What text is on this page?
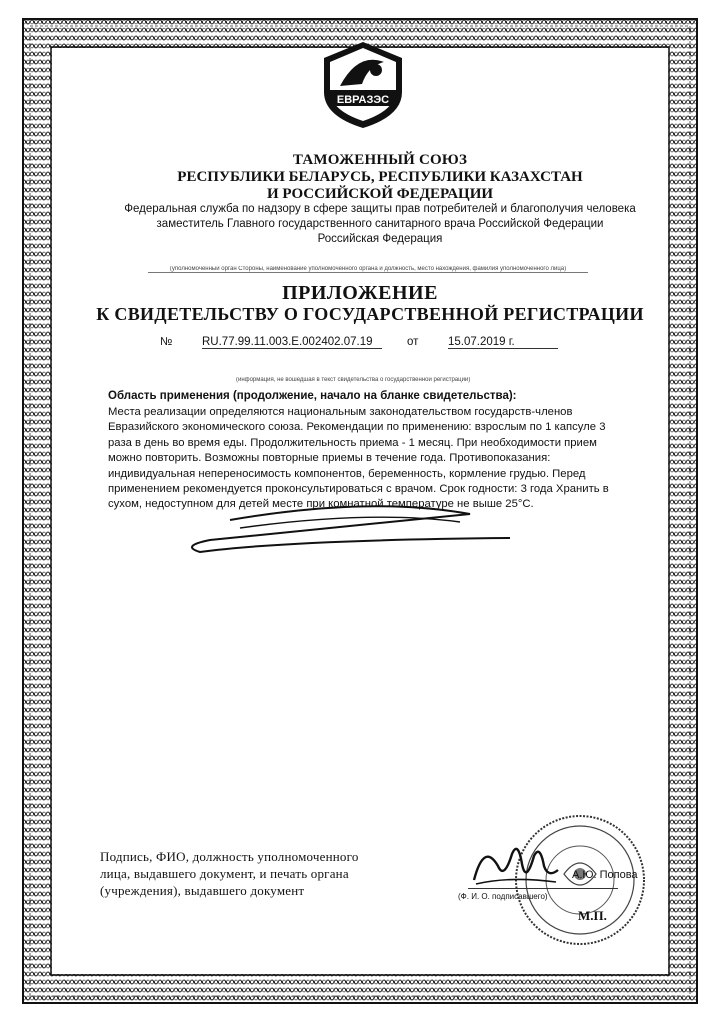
ЕВРАЗЭС
ТАМОЖЕННЫЙ СОЮЗ
РЕСПУБЛИКИ БЕЛАРУСЬ, РЕСПУБЛИКИ КАЗАХСТАН
И РОССИЙСКОЙ ФЕДЕРАЦИИ
Федеральная служба по надзору в сфере защиты прав потребителей и благополучия человека
заместитель Главного государственного санитарного врача Российской Федерации
Российская Федерация
(уполномоченный орган Стороны, наименование уполномоченного органа и должность, место нахождения, фамилия уполномоченного лица)
ПРИЛОЖЕНИЕ
К СВИДЕТЕЛЬСТВУ О ГОСУДАРСТВЕННОЙ РЕГИСТРАЦИИ
№	RU.77.99.11.003.E.002402.07.19	от	15.07.2019 г.
(информация, не вошедшая в текст свидетельства о государственной регистрации)
Область применения (продолжение, начало на бланке свидетельства):
Места реализации определяются национальным законодательством государств-членов
Евразийского экономического союза. Рекомендации по применению: взрослым по 1 капсуле 3
раза в день во время еды. Продолжительность приема - 1 месяц. При необходимости прием
можно повторить. Возможны повторные приемы в течение года. Противопоказания:
индивидуальная непереносимость компонентов, беременность, кормление грудью. Перед
применением рекомендуется проконсультироваться с врачом. Срок годности: 3 года Хранить в
сухом, недоступном для детей месте при комнатной температуре не выше 25°С.
Подпись, ФИО, должность уполномоченного
лица, выдавшего документ, и печать органа
(учреждения), выдавшего документ
А.Ю. Попова
(Ф. И. О. подписавшего)
М.П.
